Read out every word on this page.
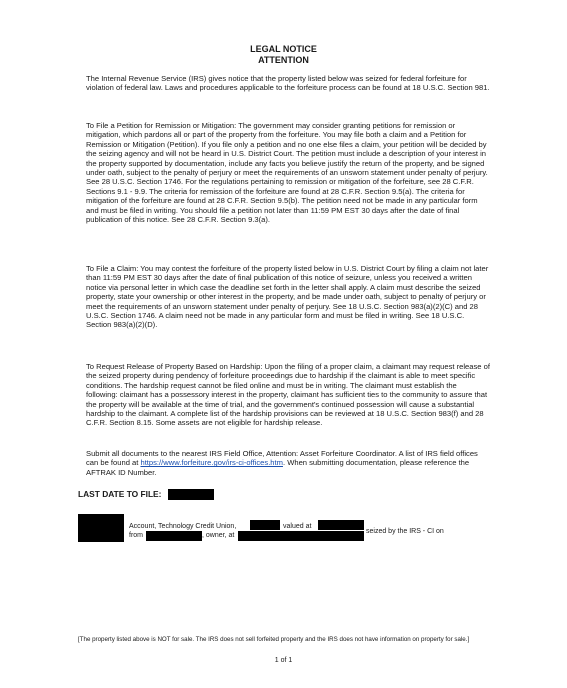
LEGAL NOTICE
ATTENTION
The Internal Revenue Service (IRS) gives notice that the property listed below was seized for federal forfeiture for violation of federal law. Laws and procedures applicable to the forfeiture process can be found at 18 U.S.C. Section 981.
To File a Petition for Remission or Mitigation: The government may consider granting petitions for remission or mitigation, which pardons all or part of the property from the forfeiture. You may file both a claim and a Petition for Remission or Mitigation (Petition). If you file only a petition and no one else files a claim, your petition will be decided by the seizing agency and will not be heard in U.S. District Court. The petition must include a description of your interest in the property supported by documentation, include any facts you believe justify the return of the property, and be signed under oath, subject to the penalty of perjury or meet the requirements of an unsworn statement under penalty of perjury. See 28 U.S.C. Section 1746. For the regulations pertaining to remission or mitigation of the forfeiture, see 28 C.F.R. Sections 9.1 - 9.9. The criteria for remission of the forfeiture are found at 28 C.F.R. Section 9.5(a). The criteria for mitigation of the forfeiture are found at 28 C.F.R. Section 9.5(b). The petition need not be made in any particular form and must be filed in writing. You should file a petition not later than 11:59 PM EST 30 days after the date of final publication of this notice. See 28 C.F.R. Section 9.3(a).
To File a Claim: You may contest the forfeiture of the property listed below in U.S. District Court by filing a claim not later than 11:59 PM EST 30 days after the date of final publication of this notice of seizure, unless you received a written notice via personal letter in which case the deadline set forth in the letter shall apply. A claim must describe the seized property, state your ownership or other interest in the property, and be made under oath, subject to penalty of perjury or meet the requirements of an unsworn statement under penalty of perjury. See 18 U.S.C. Section 983(a)(2)(C) and 28 U.S.C. Section 1746. A claim need not be made in any particular form and must be filed in writing. See 18 U.S.C. Section 983(a)(2)(D).
To Request Release of Property Based on Hardship: Upon the filing of a proper claim, a claimant may request release of the seized property during pendency of forfeiture proceedings due to hardship if the claimant is able to meet specific conditions. The hardship request cannot be filed online and must be in writing. The claimant must establish the following: claimant has a possessory interest in the property, claimant has sufficient ties to the community to assure that the property will be available at the time of trial, and the government's continued possession will cause a substantial hardship to the claimant. A complete list of the hardship provisions can be reviewed at 18 U.S.C. Section 983(f) and 28 C.F.R. Section 8.15. Some assets are not eligible for hardship release.
Submit all documents to the nearest IRS Field Office, Attention: Asset Forfeiture Coordinator. A list of IRS field offices can be found at https://www.forfeiture.gov/irs-ci-offices.htm. When submitting documentation, please reference the AFTRAK ID Number.
LAST DATE TO FILE:
Account, Technology Credit Union,	valued at
seized by the IRS - CI on
from	, owner, at
[The property listed above is NOT for sale. The IRS does not sell forfeited property and the IRS does not have information on property for sale.]
1 of 1
